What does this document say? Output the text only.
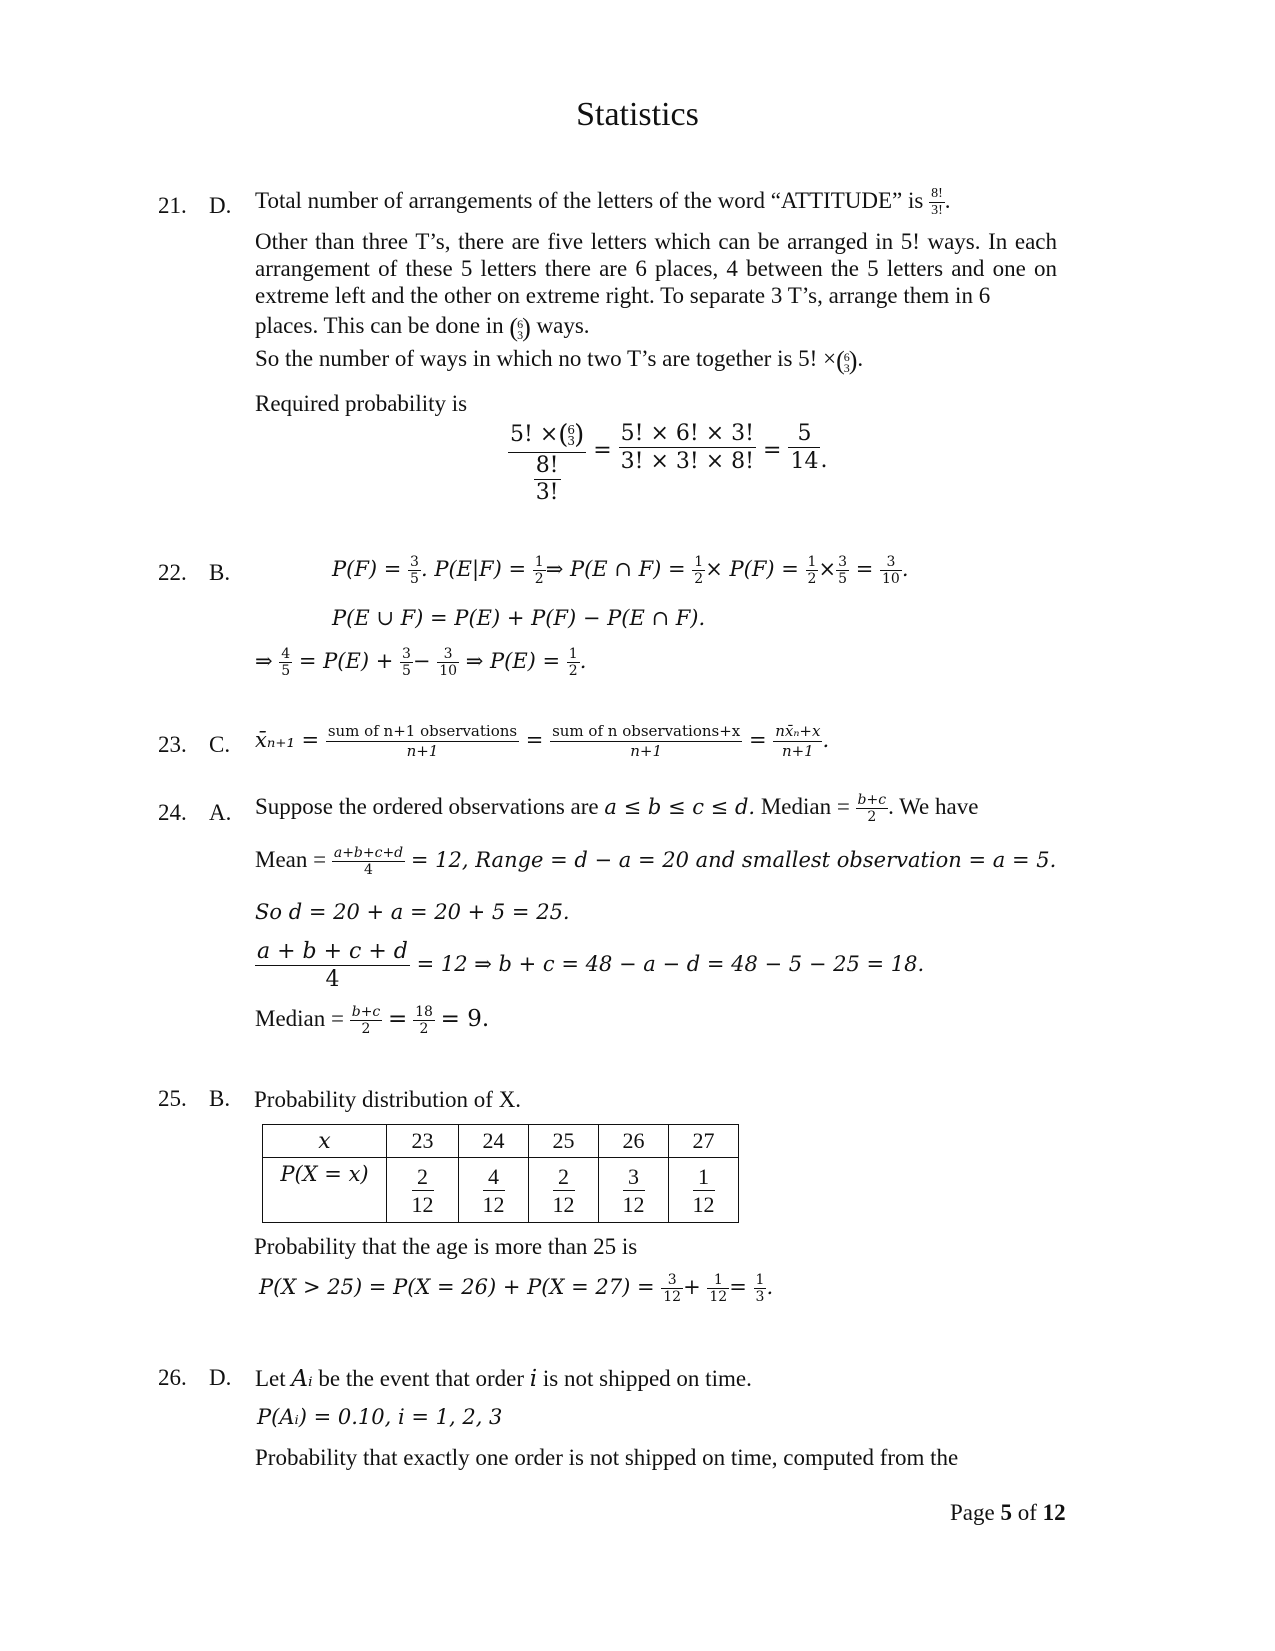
Statistics
21. D. Total number of arrangements of the letters of the word “ATTITUDE” is $\frac{8!}{3!}$ .
Other than three T’s, there are five letters which can be arranged in 5! ways. In each arrangement of these 5 letters there are 6 places, 4 between the 5 letters and one on extreme left and the other on extreme right. To separate 3 T’s, arrange them in 6
places. This can be done in ( 6
3 ) ways.
So the number of ways in which no two T’s are together is 5! ×( 6
3 ).
Required probability is
5! ×( 6
3 )
$\frac{8!}{3!} = \frac{5! \times 6! \times 3!}{3! \times 3! \times 8!} = \frac{5}{14}$ .
22. B.	$P(F) = \frac{3}{5}$ . $P(E|F) = \frac{1}{2}$ ⇒ P(E ∩ $F) = \frac{1}{2} \times P(F) = \frac{1}{2} \times \frac{3}{5} = \frac{3}{10}$ .
P(E ∪ F) = P(E) + P(F) − P(E ∩ F).
⇒ $\frac{4}{5} = P(E) + \frac{3}{5} - \frac{3}{10}$ ⇒ $P(E) = \frac{1}{2}$ .
23. C. x̄ₙ₊₁ = sum of n+1 observations
n+1	= sum of n observations+x
n+1	= $\frac{\text{nx̄ₙ+x}}{n+1}$ .
24. A. Suppose the ordered observations are a ≤ b ≤ c ≤ d. Median = $\frac{b+c}{2}$ . We have
Mean = $\frac{a+b+c+d}{4} = 12$, Range = d − a = 20 and smallest observation = a = 5.
So d = 20 + a = 20 + 5 = 25.
$\frac{a + b + c + d}{4} = 12$ ⇒ b + c = 48 − a − d = 48 − 5 − 25 = 18.
Median = $\frac{b+c}{2} = \frac{18}{2} = 9$.
25. B. Probability distribution of X.
x	23	24	25	26	27
P(X = x)	$\frac{2}{12}$	$\frac{4}{12}$	$\frac{2}{12}$	$\frac{3}{12}$	$\frac{1}{12}$
Probability that the age is more than 25 is
$P(X > 25) = P(X = 26) + P(X = 27) = \frac{3}{12} + \frac{1}{12} = \frac{1}{3}$ .
26. D. Let Aᵢ be the event that order i is not shipped on time.
P(Aᵢ) = 0.10, i = 1, 2, 3
Probability that exactly one order is not shipped on time, computed from the
Page 5 of 12
